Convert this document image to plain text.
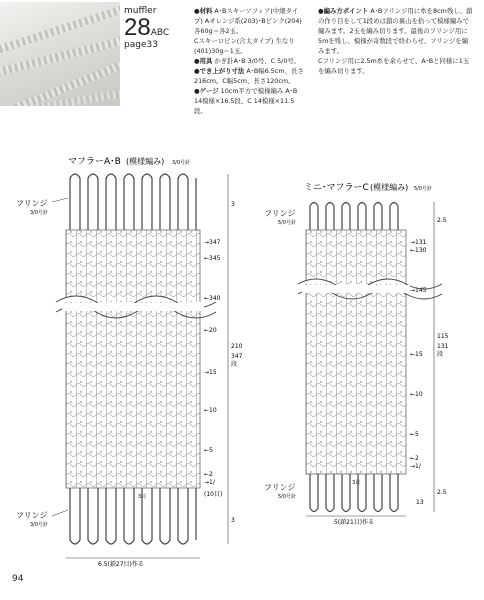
muffler
28ABC
page33

●材料 A･Bスキーソフィア(中細タイプ) Aオレンジ系(203)･Bピンク(204)各60g＝各2玉。

Cスキーロピン(合太タイプ) 生なり(401)30g＝1玉。

●用具 かぎ針A･B 3/0号、C 5/0号。

●でき上がり寸法 A･B幅6.5cm、長さ216cm。C幅5cm、長さ120cm。

●ゲージ 10cm平方で模様編み A･B 14模様×16.5段、C 14模様×11.5段。

●編み方ポイント A･Bフリンジ用に糸を8cm残し、鎖の作り目をして1段めは鎖の裏山を拾って模様編みで編みます。2玉を編み切ります。最後のフリンジ用に5mを残し、模様が奇数段で終わらせ、フリンジを編みます。

Cフリンジ用に2.5m糸を余らせて、A･Bと同様に1玉を編み切ります。

マフラーA･B (模様編み) 3/0号針
フリンジ
3/0号針
フリンジ
3/0号針
3目
→347
←345
←340
←20
→15
←10
←5
←2
→1/
(10目)
3
210
347
段
3
6.5(鎖27目)作る
ミニ･マフラーC (模様編み) 5/0号針
フリンジ
5/0号針
フリンジ
5/0号針
3目
→131
←130
→145
←15
←10
←5
←2
→1/
2.5
115
131
段
2.5
13
5(鎖21目)作る
94
